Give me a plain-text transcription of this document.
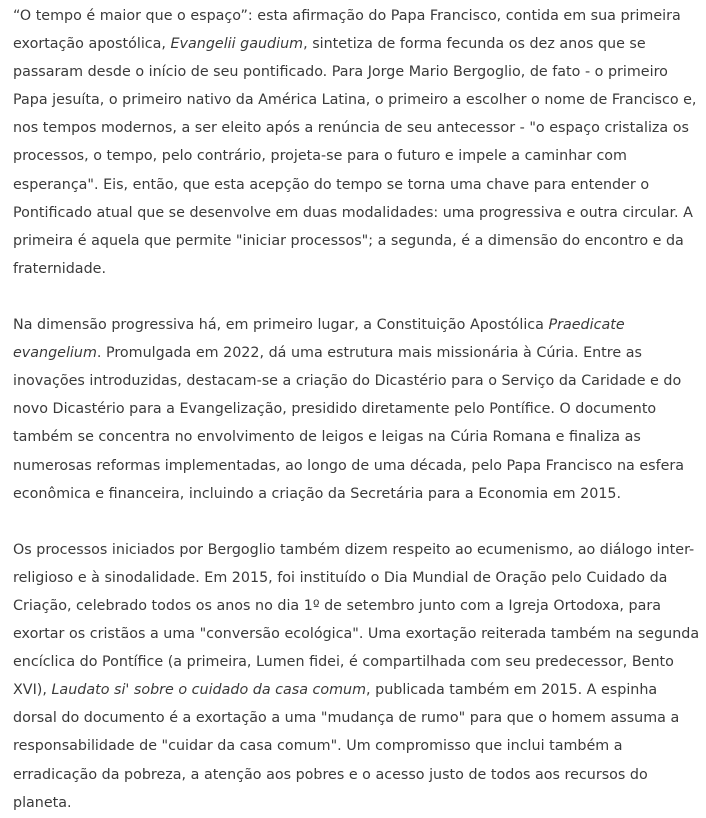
“O tempo é maior que o espaço”: esta afirmação do Papa Francisco, contida em sua primeira exortação apostólica, Evangelii gaudium, sintetiza de forma fecunda os dez anos que se passaram desde o início de seu pontificado. Para Jorge Mario Bergoglio, de fato - o primeiro Papa jesuíta, o primeiro nativo da América Latina, o primeiro a escolher o nome de Francisco e, nos tempos modernos, a ser eleito após a renúncia de seu antecessor - "o espaço cristaliza os processos, o tempo, pelo contrário, projeta-se para o futuro e impele a caminhar com esperança". Eis, então, que esta acepção do tempo se torna uma chave para entender o Pontificado atual que se desenvolve em duas modalidades: uma progressiva e outra circular. A primeira é aquela que permite "iniciar processos"; a segunda, é a dimensão do encontro e da fraternidade.

Na dimensão progressiva há, em primeiro lugar, a Constituição Apostólica Praedicate evangelium. Promulgada em 2022, dá uma estrutura mais missionária à Cúria. Entre as inovações introduzidas, destacam-se a criação do Dicastério para o Serviço da Caridade e do novo Dicastério para a Evangelização, presidido diretamente pelo Pontífice. O documento também se concentra no envolvimento de leigos e leigas na Cúria Romana e finaliza as numerosas reformas implementadas, ao longo de uma década, pelo Papa Francisco na esfera econômica e financeira, incluindo a criação da Secretária para a Economia em 2015.

Os processos iniciados por Bergoglio também dizem respeito ao ecumenismo, ao diálogo inter-religioso e à sinodalidade. Em 2015, foi instituído o Dia Mundial de Oração pelo Cuidado da Criação, celebrado todos os anos no dia 1º de setembro junto com a Igreja Ortodoxa, para exortar os cristãos a uma "conversão ecológica". Uma exortação reiterada também na segunda encíclica do Pontífice (a primeira, Lumen fidei, é compartilhada com seu predecessor, Bento XVI), Laudato si' sobre o cuidado da casa comum, publicada também em 2015. A espinha dorsal do documento é a exortação a uma "mudança de rumo" para que o homem assuma a responsabilidade de "cuidar da casa comum". Um compromisso que inclui também a erradicação da pobreza, a atenção aos pobres e o acesso justo de todos aos recursos do planeta.
